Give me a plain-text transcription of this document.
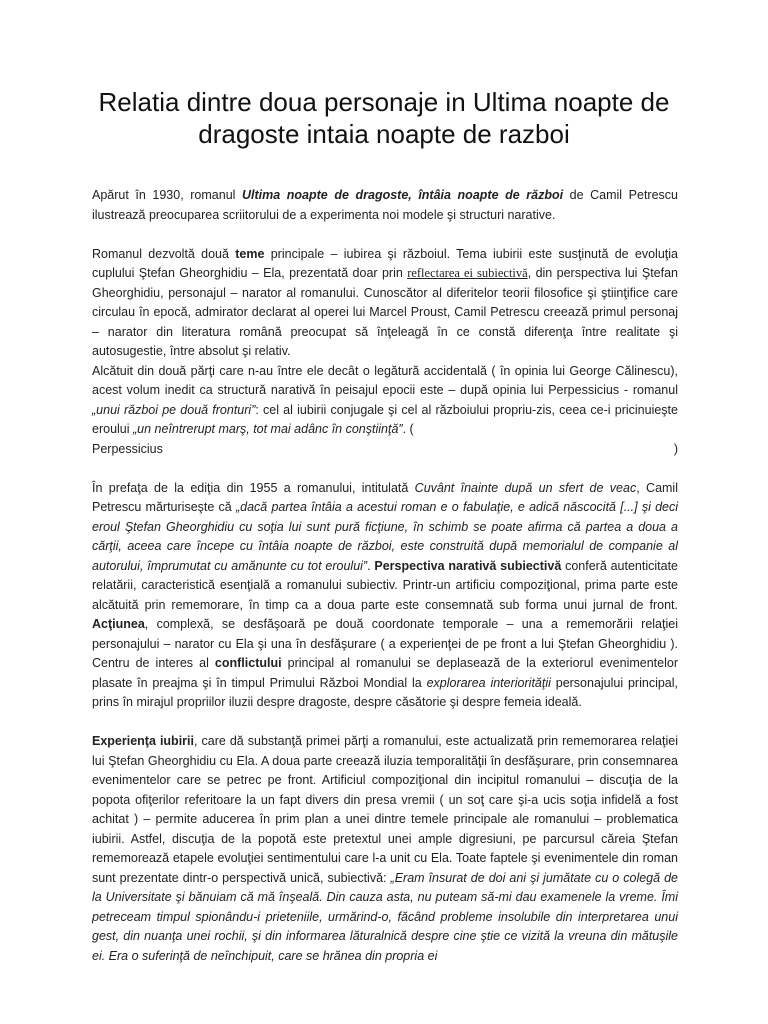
Relatia dintre doua personaje in Ultima noapte de dragoste intaia noapte de razboi

Apărut în 1930, romanul Ultima noapte de dragoste, întâia noapte de război de Camil Petrescu ilustrează preocuparea scriitorului de a experimenta noi modele şi structuri narative.

Romanul dezvoltă două teme principale – iubirea şi războiul. Tema iubirii este susţinută de evoluţia cuplului Ştefan Gheorghidiu – Ela, prezentată doar prin reflectarea ei subiectivă, din perspectiva lui Ştefan Gheorghidiu, personajul – narator al romanului. Cunoscător al diferitelor teorii filosofice şi ştiinţifice care circulau în epocă, admirator declarat al operei lui Marcel Proust, Camil Petrescu creează primul personaj – narator din literatura română preocupat să înţeleagă în ce constă diferenţa între realitate şi autosugestie, între absolut şi relativ.

Alcătuit din două părţi care n-au între ele decât o legătură accidentală ( în opinia lui George Călinescu), acest volum inedit ca structură narativă în peisajul epocii este – după opinia lui Perpessicius - romanul „unui război pe două fronturi”: cel al iubirii conjugale şi cel al războiului propriu-zis, ceea ce-i pricinuieşte eroului „un neîntrerupt marş, tot mai adânc în conştiinţă”. (

Perpessicius	)

În prefaţa de la ediţia din 1955 a romanului, intitulată Cuvânt înainte după un sfert de veac, Camil Petrescu mărturiseşte că „dacă partea întâia a acestui roman e o fabulaţie, e adică născocită [...] şi deci eroul Ştefan Gheorghidiu cu soţia lui sunt pură ficţiune, în schimb se poate afirma că partea a doua a cărţii, aceea care începe cu întâia noapte de război, este construită după memorialul de companie al autorului, împrumutat cu amănunte cu tot eroului”. Perspectiva narativă subiectivă conferă autenticitate relatării, caracteristică esenţială a romanului subiectiv. Printr-un artificiu compoziţional, prima parte este alcătuită prin rememorare, în timp ca a doua parte este consemnată sub forma unui jurnal de front. Acţiunea, complexă, se desfăşoară pe două coordonate temporale – una a rememorării relaţiei personajului – narator cu Ela şi una în desfăşurare ( a experienţei de pe front a lui Ştefan Gheorghidiu ). Centru de interes al conflictului principal al romanului se deplasează de la exteriorul evenimentelor plasate în preajma şi în timpul Primului Război Mondial la explorarea interiorităţii personajului principal, prins în mirajul propriilor iluzii despre dragoste, despre căsătorie şi despre femeia ideală.

Experienţa iubirii, care dă substanţă primei părţi a romanului, este actualizată prin rememorarea relaţiei lui Ştefan Gheorghidiu cu Ela. A doua parte creează iluzia temporalităţii în desfăşurare, prin consemnarea evenimentelor care se petrec pe front. Artificiul compoziţional din incipitul romanului – discuţia de la popota ofiţerilor referitoare la un fapt divers din presa vremii ( un soţ care şi-a ucis soţia infidelă a fost achitat ) – permite aducerea în prim plan a unei dintre temele principale ale romanului – problematica iubirii. Astfel, discuţia de la popotă este pretextul unei ample digresiuni, pe parcursul căreia Ştefan rememorează etapele evoluţiei sentimentului care l-a unit cu Ela. Toate faptele şi evenimentele din roman sunt prezentate dintr-o perspectivă unică, subiectivă: „Eram însurat de doi ani şi jumătate cu o colegă de la Universitate şi bănuiam că mă înşeală. Din cauza asta, nu puteam să-mi dau examenele la vreme. Îmi petreceam timpul spionându-i prieteniile, urmărind-o, făcând probleme insolubile din interpretarea unui gest, din nuanţa unei rochii, şi din informarea lăturalnică despre cine ştie ce vizită la vreuna din mătuşile ei. Era o suferinţă de neînchipuit, care se hrănea din propria ei
